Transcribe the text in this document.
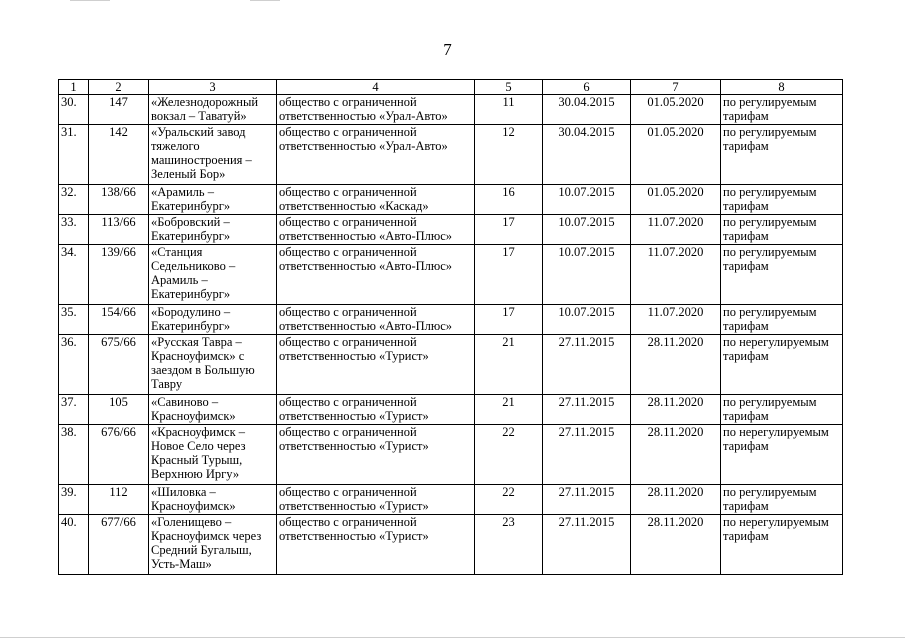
7
1	2	3	4	5	6	7	8
30.	147	«Железнодорожный вокзал – Таватуй»	общество с ограниченной ответственностью «Урал-Авто»	11	30.04.2015	01.05.2020	по регулируемым тарифам
31.	142	«Уральский завод тяжелого машиностроения – Зеленый Бор»	общество с ограниченной ответственностью «Урал-Авто»	12	30.04.2015	01.05.2020	по регулируемым тарифам
32.	138/66	«Арамиль – Екатеринбург»	общество с ограниченной ответственностью «Каскад»	16	10.07.2015	01.05.2020	по регулируемым тарифам
33.	113/66	«Бобровский – Екатеринбург»	общество с ограниченной ответственностью «Авто-Плюс»	17	10.07.2015	11.07.2020	по регулируемым тарифам
34.	139/66	«Станция Седельниково – Арамиль – Екатеринбург»	общество с ограниченной ответственностью «Авто-Плюс»	17	10.07.2015	11.07.2020	по регулируемым тарифам
35.	154/66	«Бородулино – Екатеринбург»	общество с ограниченной ответственностью «Авто-Плюс»	17	10.07.2015	11.07.2020	по регулируемым тарифам
36.	675/66	«Русская Тавра – Красноуфимск» с заездом в Большую Тавру	общество с ограниченной ответственностью «Турист»	21	27.11.2015	28.11.2020	по нерегулируемым тарифам
37.	105	«Савиново – Красноуфимск»	общество с ограниченной ответственностью «Турист»	21	27.11.2015	28.11.2020	по регулируемым тарифам
38.	676/66	«Красноуфимск – Новое Село через Красный Турыш, Верхнюю Иргу»	общество с ограниченной ответственностью «Турист»	22	27.11.2015	28.11.2020	по нерегулируемым тарифам
39.	112	«Шиловка – Красноуфимск»	общество с ограниченной ответственностью «Турист»	22	27.11.2015	28.11.2020	по регулируемым тарифам
40.	677/66	«Голенищево – Красноуфимск через Средний Бугалыш, Усть-Маш»	общество с ограниченной ответственностью «Турист»	23	27.11.2015	28.11.2020	по нерегулируемым тарифам
